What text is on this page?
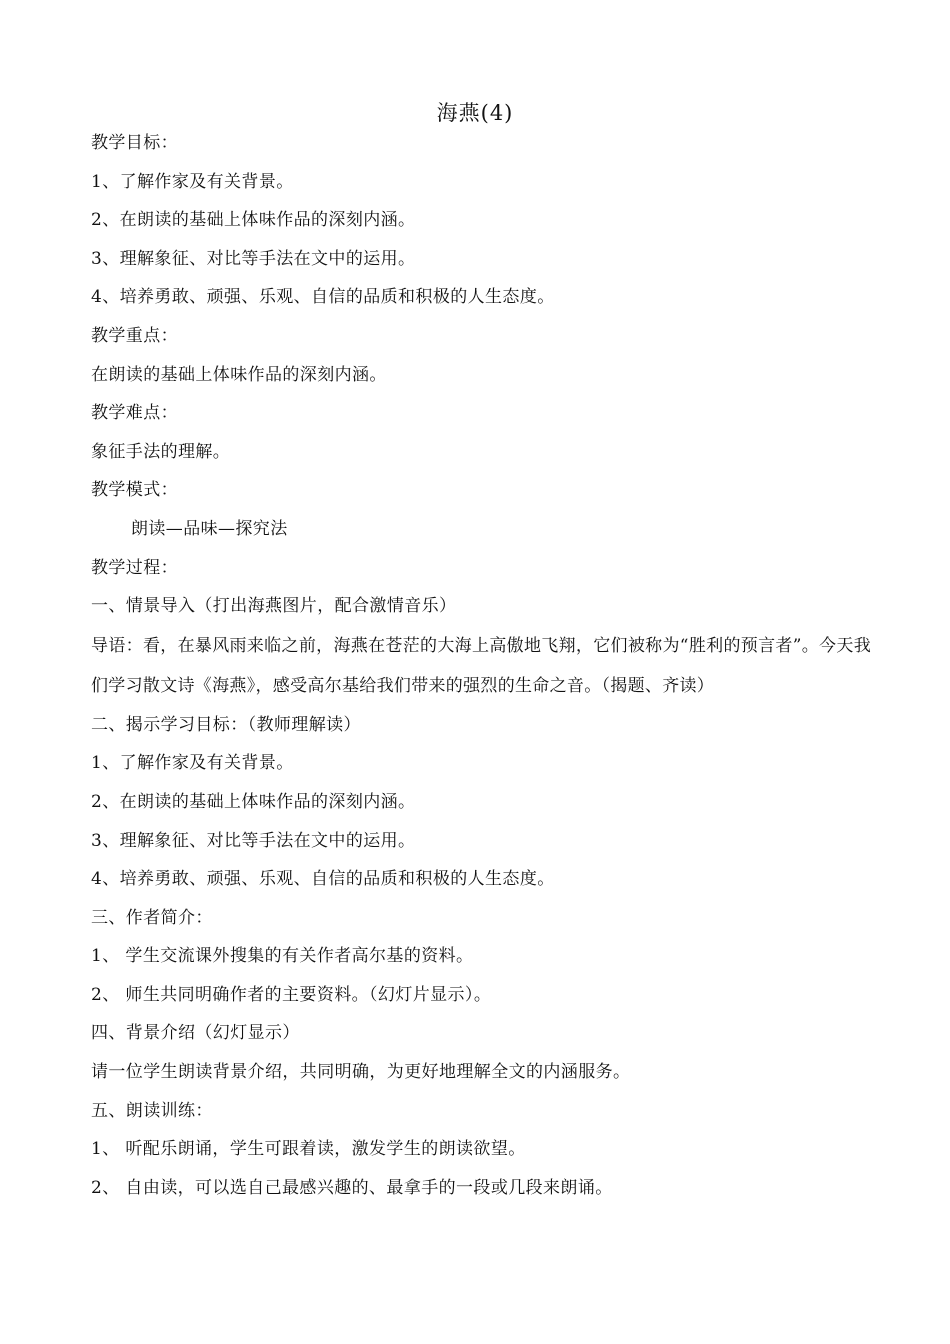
海燕(4)
教学目标：
1、了解作家及有关背景。
2、在朗读的基础上体味作品的深刻内涵。
3、理解象征、对比等手法在文中的运用。
4、培养勇敢、顽强、乐观、自信的品质和积极的人生态度。
教学重点：
在朗读的基础上体味作品的深刻内涵。
教学难点：
象征手法的理解。
教学模式：
朗读—品味—探究法
教学过程：
一、情景导入（打出海燕图片，配合激情音乐）
导语：看，在暴风雨来临之前，海燕在苍茫的大海上高傲地飞翔，它们被称为“胜利的预言者”。今天我们学习散文诗《海燕》，感受高尔基给我们带来的强烈的生命之音。（揭题、齐读）
二、揭示学习目标：（教师理解读）
1、了解作家及有关背景。
2、在朗读的基础上体味作品的深刻内涵。
3、理解象征、对比等手法在文中的运用。
4、培养勇敢、顽强、乐观、自信的品质和积极的人生态度。
三、作者简介：
1、 学生交流课外搜集的有关作者高尔基的资料。
2、 师生共同明确作者的主要资料。（幻灯片显示）。
四、背景介绍（幻灯显示）
请一位学生朗读背景介绍，共同明确，为更好地理解全文的内涵服务。
五、朗读训练：
1、 听配乐朗诵，学生可跟着读，激发学生的朗读欲望。
2、 自由读，可以选自己最感兴趣的、最拿手的一段或几段来朗诵。
